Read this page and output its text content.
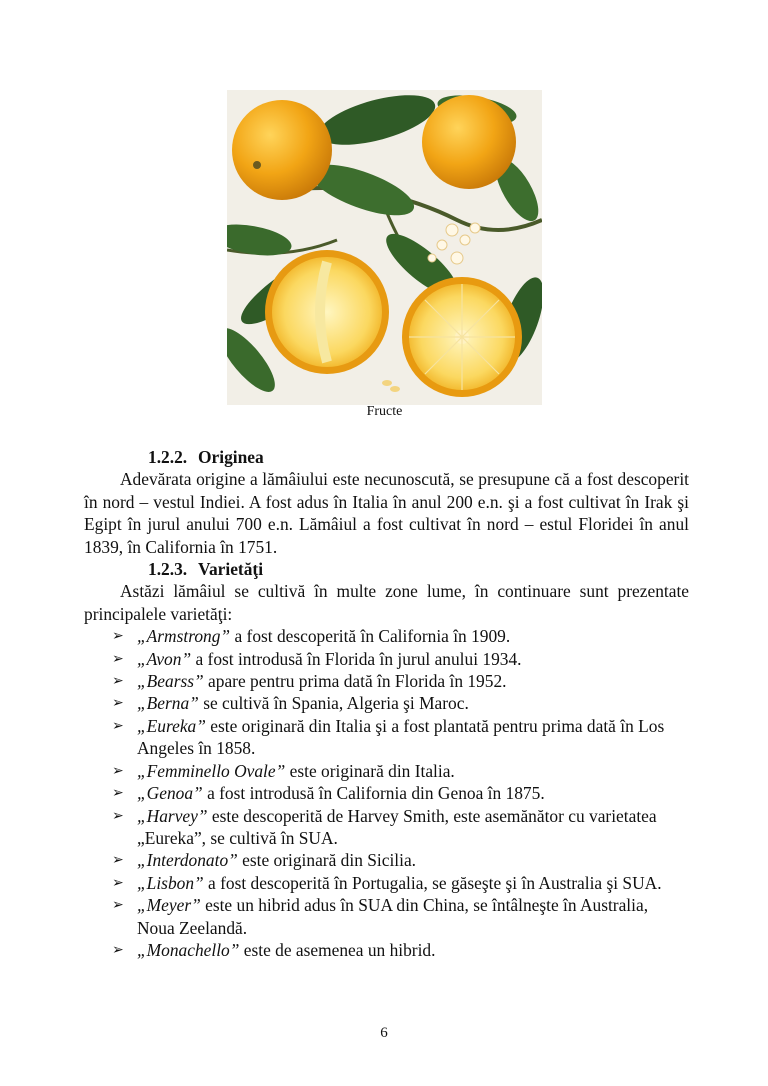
Fructe

1.2.2. Originea

Adevărata origine a lămâiului este necunoscută, se presupune că a fost descoperit în nord – vestul Indiei. A fost adus în Italia în anul 200 e.n. şi a fost cultivat în Irak şi Egipt în jurul anului 700 e.n. Lămâiul a fost cultivat în nord – estul Floridei în anul 1839, în California în 1751.

1.2.3. Varietăţi

Astăzi lămâiul se cultivă în multe zone lume, în continuare sunt prezentate principalele varietăţi:

➢ „Armstrong” a fost descoperită în California în 1909.
➢ „Avon” a fost introdusă în Florida în jurul anului 1934.
➢ „Bearss” apare pentru prima dată în Florida în 1952.
➢ „Berna” se cultivă în Spania, Algeria şi Maroc.
➢ „Eureka” este originară din Italia şi a fost plantată pentru prima dată în Los Angeles în 1858.
➢ „Femminello Ovale” este originară din Italia.
➢ „Genoa” a fost introdusă în California din Genoa în 1875.
➢ „Harvey” este descoperită de Harvey Smith, este asemănător cu varietatea „Eureka”, se cultivă în SUA.
➢ „Interdonato” este originară din Sicilia.
➢ „Lisbon” a fost descoperită în Portugalia, se găseşte şi în Australia şi SUA.
➢ „Meyer” este un hibrid adus în SUA din China, se întâlneşte în Australia, Noua Zeelandă.
➢ „Monachello” este de asemenea un hibrid.
6
